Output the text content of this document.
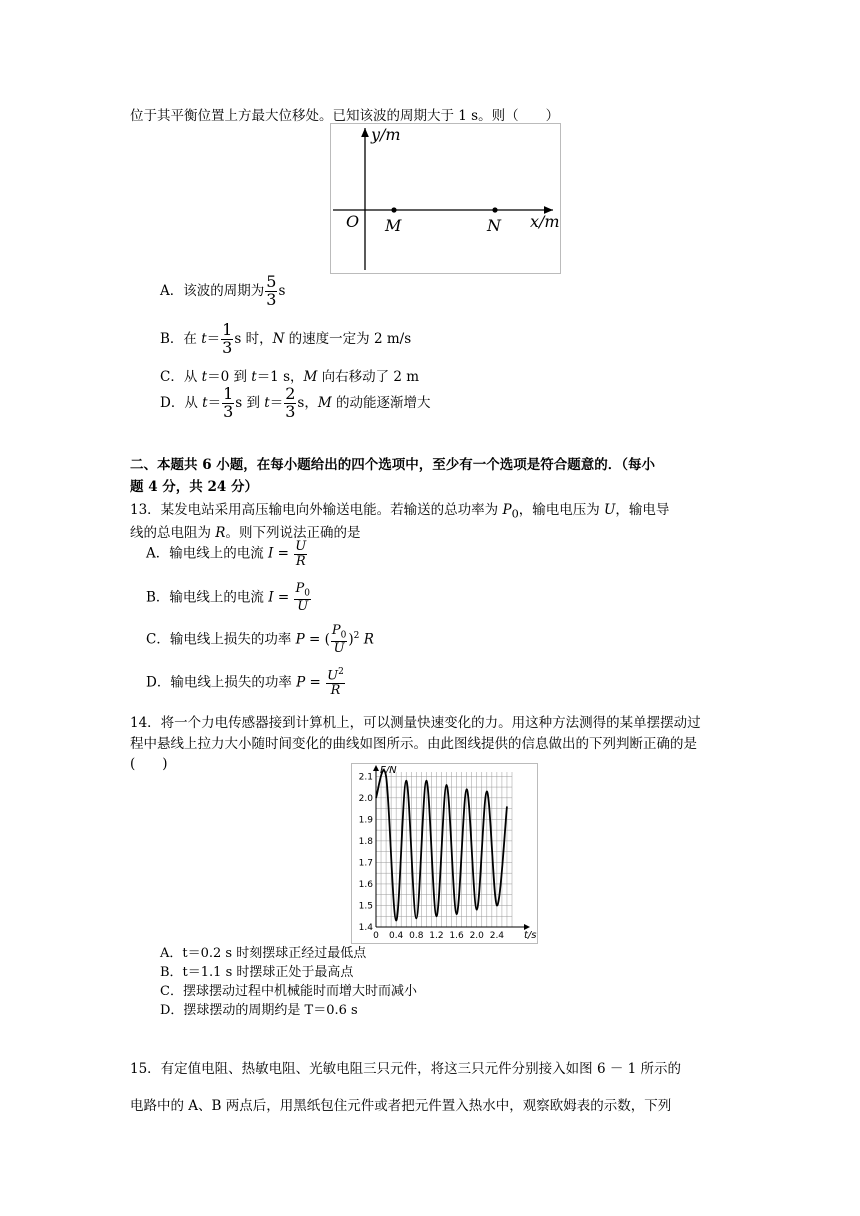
位于其平衡位置上方最大位移处。已知该波的周期大于 1 s。则（　　）
y/m
x/m
O M	N
A．该波的周期为 $\frac{5}{3}$ s
B．在 $t= \frac{1}{3}$ s 时，N 的速度一定为 2 m/s
C．从 t＝0 到 t＝1 s，M 向右移动了 2 m
D．从 $t= \frac{1}{3}$ s 到 $t= \frac{2}{3}$ s，M 的动能逐渐增大
二、本题共 6 小题，在每小题给出的四个选项中，至少有一个选项是符合题意的．（每小
题 4 分，共 24 分）
13．某发电站采用高压输电向外输送电能。若输送的总功率为 $P_0$，输电电压为 U，输电导
线的总电阻为 R。则下列说法正确的是
A．输电线上的电流 $I = \frac{U}{R}$
B．输电线上的电流 $I = \frac{P_0}{U}$
C．输电线上损失的功率 P = ( $\frac{P_0}{U} )^2$ R
D．输电线上损失的功率 $P = \frac{U^2}{R}$
14．将一个力电传感器接到计算机上，可以测量快速变化的力。用这种方法测得的某单摆摆动过
程中悬线上拉力大小随时间变化的曲线如图所示。由此图线提供的信息做出的下列判断正确的是
(　　)
1.4
1.5
1.6
1.7
1.8
1.9
2.0
2.1
0 0.4 0.8 1.2 1.6 2.0 2.4 t/s
F/N
A．t＝0.2 s 时刻摆球正经过最低点
B．t＝1.1 s 时摆球正处于最高点
C．摆球摆动过程中机械能时而增大时而减小
D．摆球摆动的周期约是 T＝0.6 s
15．有定值电阻、热敏电阻、光敏电阻三只元件，将这三只元件分别接入如图 6 － 1 所示的
电路中的 A、B 两点后，用黑纸包住元件或者把元件置入热水中，观察欧姆表的示数，下列
